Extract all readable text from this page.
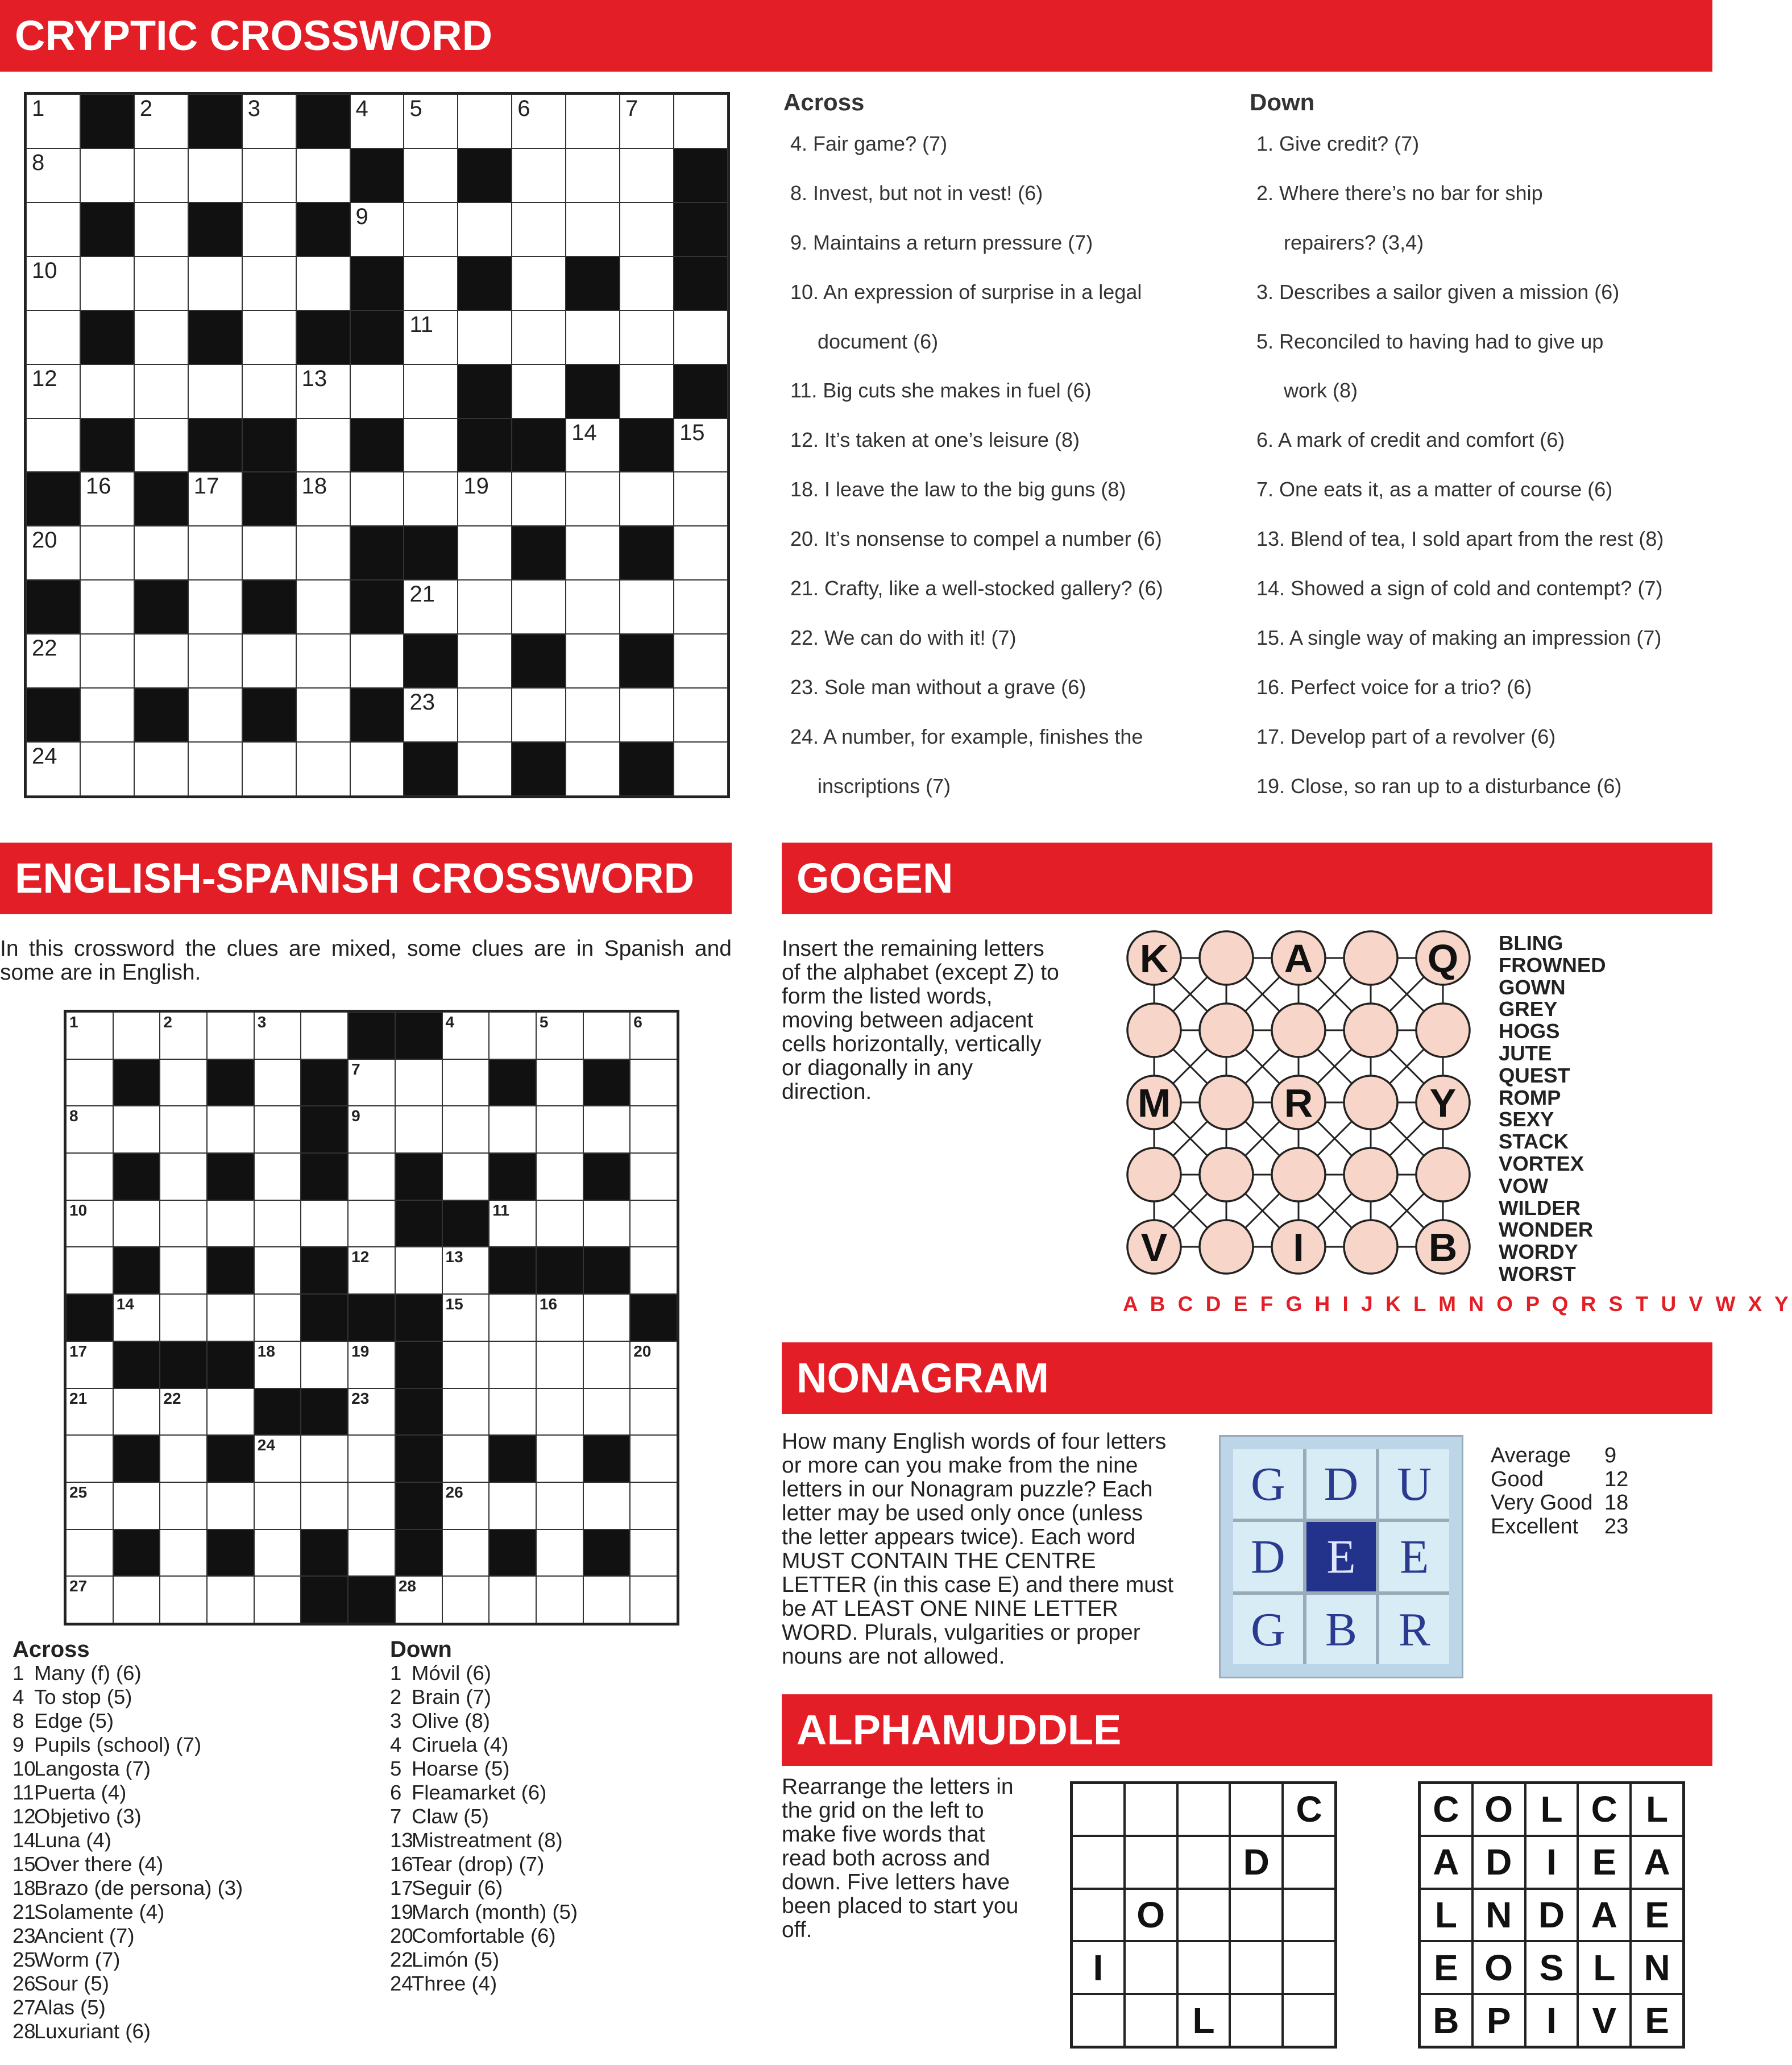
CRYPTIC CROSSWORD
ENGLISH-SPANISH CROSSWORD	GOGEN
NONAGRAM
ALPHAMUDDLE
1	2	3	4 5	6	7
8
9
10
11
12	13
14	15
16	17	18	19
20
21
22
23
24
Across
4. Fair game? (7)
8. Invest, but not in vest! (6)
9. Maintains a return pressure (7)
10. An expression of surprise in a legal
document (6)
11. Big cuts she makes in fuel (6)
12. It’s taken at one’s leisure (8)
18. I leave the law to the big guns (8)
20. It’s nonsense to compel a number (6)
21. Crafty, like a well-stocked gallery? (6)
22. We can do with it! (7)
23. Sole man without a grave (6)
24. A number, for example, finishes the
inscriptions (7)
Down
1. Give credit? (7)
2. Where there’s no bar for ship
repairers? (3,4)
3. Describes a sailor given a mission (6)
5. Reconciled to having had to give up
work (8)
6. A mark of credit and comfort (6)
7. One eats it, as a matter of course (6)
13. Blend of tea, I sold apart from the rest (8)
14. Showed a sign of cold and contempt? (7)
15. A single way of making an impression (7)
16. Perfect voice for a trio? (6)
17. Develop part of a revolver (6)
19. Close, so ran up to a disturbance (6)
In this crossword the clues are mixed, some clues are in Spanish and some are in English.
1	2	3	4	5	6
7
8	9
10	11
12	13
14	15	16
17	18	19	20
21	22	23
24
25	26
27	28
Across
1 Many (f) (6)
4 To stop (5)
8 Edge (5)
9 Pupils (school) (7)
10
Langosta (7)
11 Puerta (4)
12
Objetivo (3)
14
Luna (4)
15
Over there (4)
18
Brazo (de persona) (3)
21
Solamente (4)
23
Ancient (7)
25
Worm (7)
26
Sour (5)
27
Alas (5)
28
Luxuriant (6)
Down
1 Móvil (6)
2 Brain (7)
3 Olive (8)
4 Ciruela (4)
5 Hoarse (5)
6 Fleamarket (6)
7 Claw (5)
13
Mistreatment (8)
16
Tear (drop) (7)
17
Seguir (6)
19
March (month) (5)
20
Comfortable (6)
22
Limón (5)
24
Three (4)
Insert the remaining letters of the alphabet (except Z) to form the listed words, moving between adjacent cells horizontally, vertically or diagonally in any direction.
K	A	Q
M	R	Y
V	I	B
BLING
FROWNED
GOWN
GREY
HOGS
JUTE
QUEST
ROMP
SEXY
STACK
VORTEX
VOW
WILDER
WONDER
WORDY
WORST
A B C D E F G H I J K L M N O P Q R S T U V W X Y
How many English words of four letters or more can you make from the nine letters in our Nonagram puzzle? Each letter may be used only once (unless the letter appears twice). Each word MUST CONTAIN THE CENTRE LETTER (in this case E) and there must be AT LEAST ONE NINE LETTER WORD. Plurals, vulgarities or proper nouns are not allowed.
G D U
D E E
G B R
Average	9
Good	12
Very Good 18
Excellent	23
Rearrange the letters in the grid on the left to make five words that read both across and down. Five letters have been placed to start you off.
C
D
O
I
L
C O L C L
A D I E A
L N D A E
E O S L N
B P I V E
